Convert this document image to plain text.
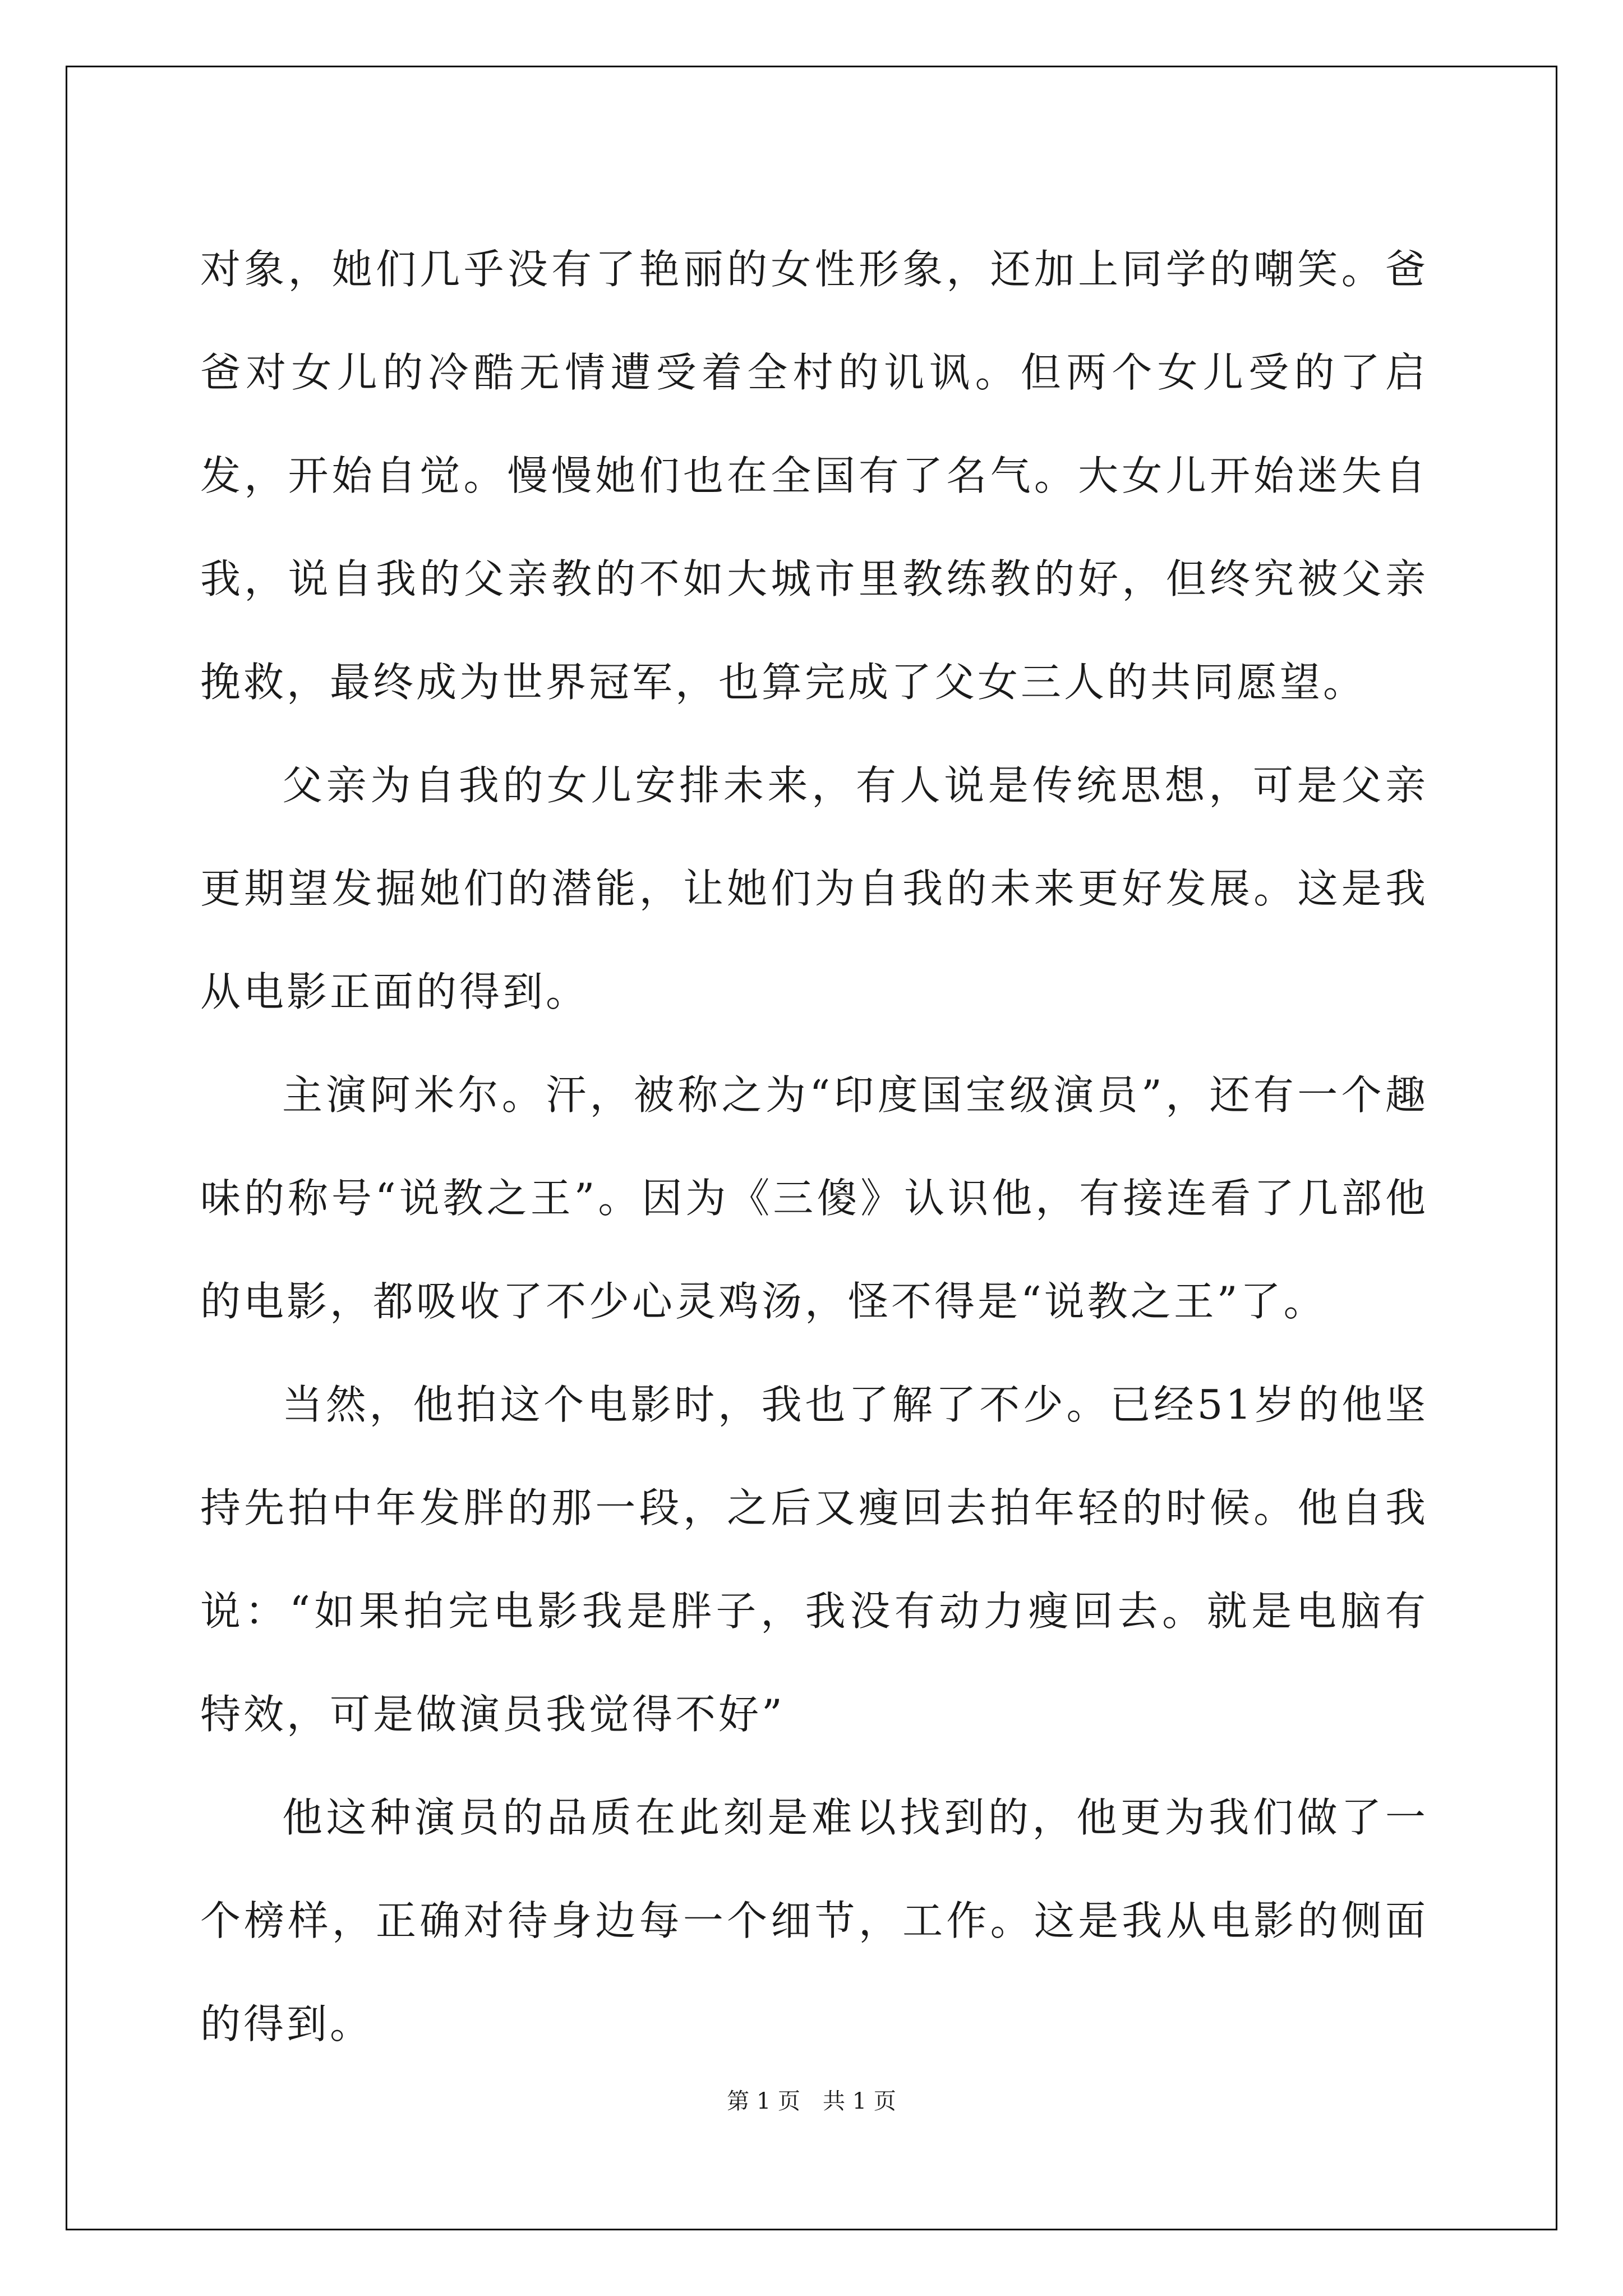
对象，她们几乎没有了艳丽的女性形象，还加上同学的嘲笑。爸爸对女儿的冷酷无情遭受着全村的讥讽。但两个女儿受的了启发，开始自觉。慢慢她们也在全国有了名气。大女儿开始迷失自我，说自我的父亲教的不如大城市里教练教的好，但终究被父亲挽救，最终成为世界冠军，也算完成了父女三人的共同愿望。

父亲为自我的女儿安排未来，有人说是传统思想，可是父亲更期望发掘她们的潜能，让她们为自我的未来更好发展。这是我从电影正面的得到。

主演阿米尔。汗，被称之为“印度国宝级演员”，还有一个趣味的称号“说教之王”。因为《三傻》认识他，有接连看了几部他的电影，都吸收了不少心灵鸡汤，怪不得是“说教之王”了。

当然，他拍这个电影时，我也了解了不少。已经51岁的他坚持先拍中年发胖的那一段，之后又瘦回去拍年轻的时候。他自我说：“如果拍完电影我是胖子，我没有动力瘦回去。就是电脑有特效，可是做演员我觉得不好”

他这种演员的品质在此刻是难以找到的，他更为我们做了一个榜样，正确对待身边每一个细节，工作。这是我从电影的侧面的得到。

第 1 页 共 1 页
